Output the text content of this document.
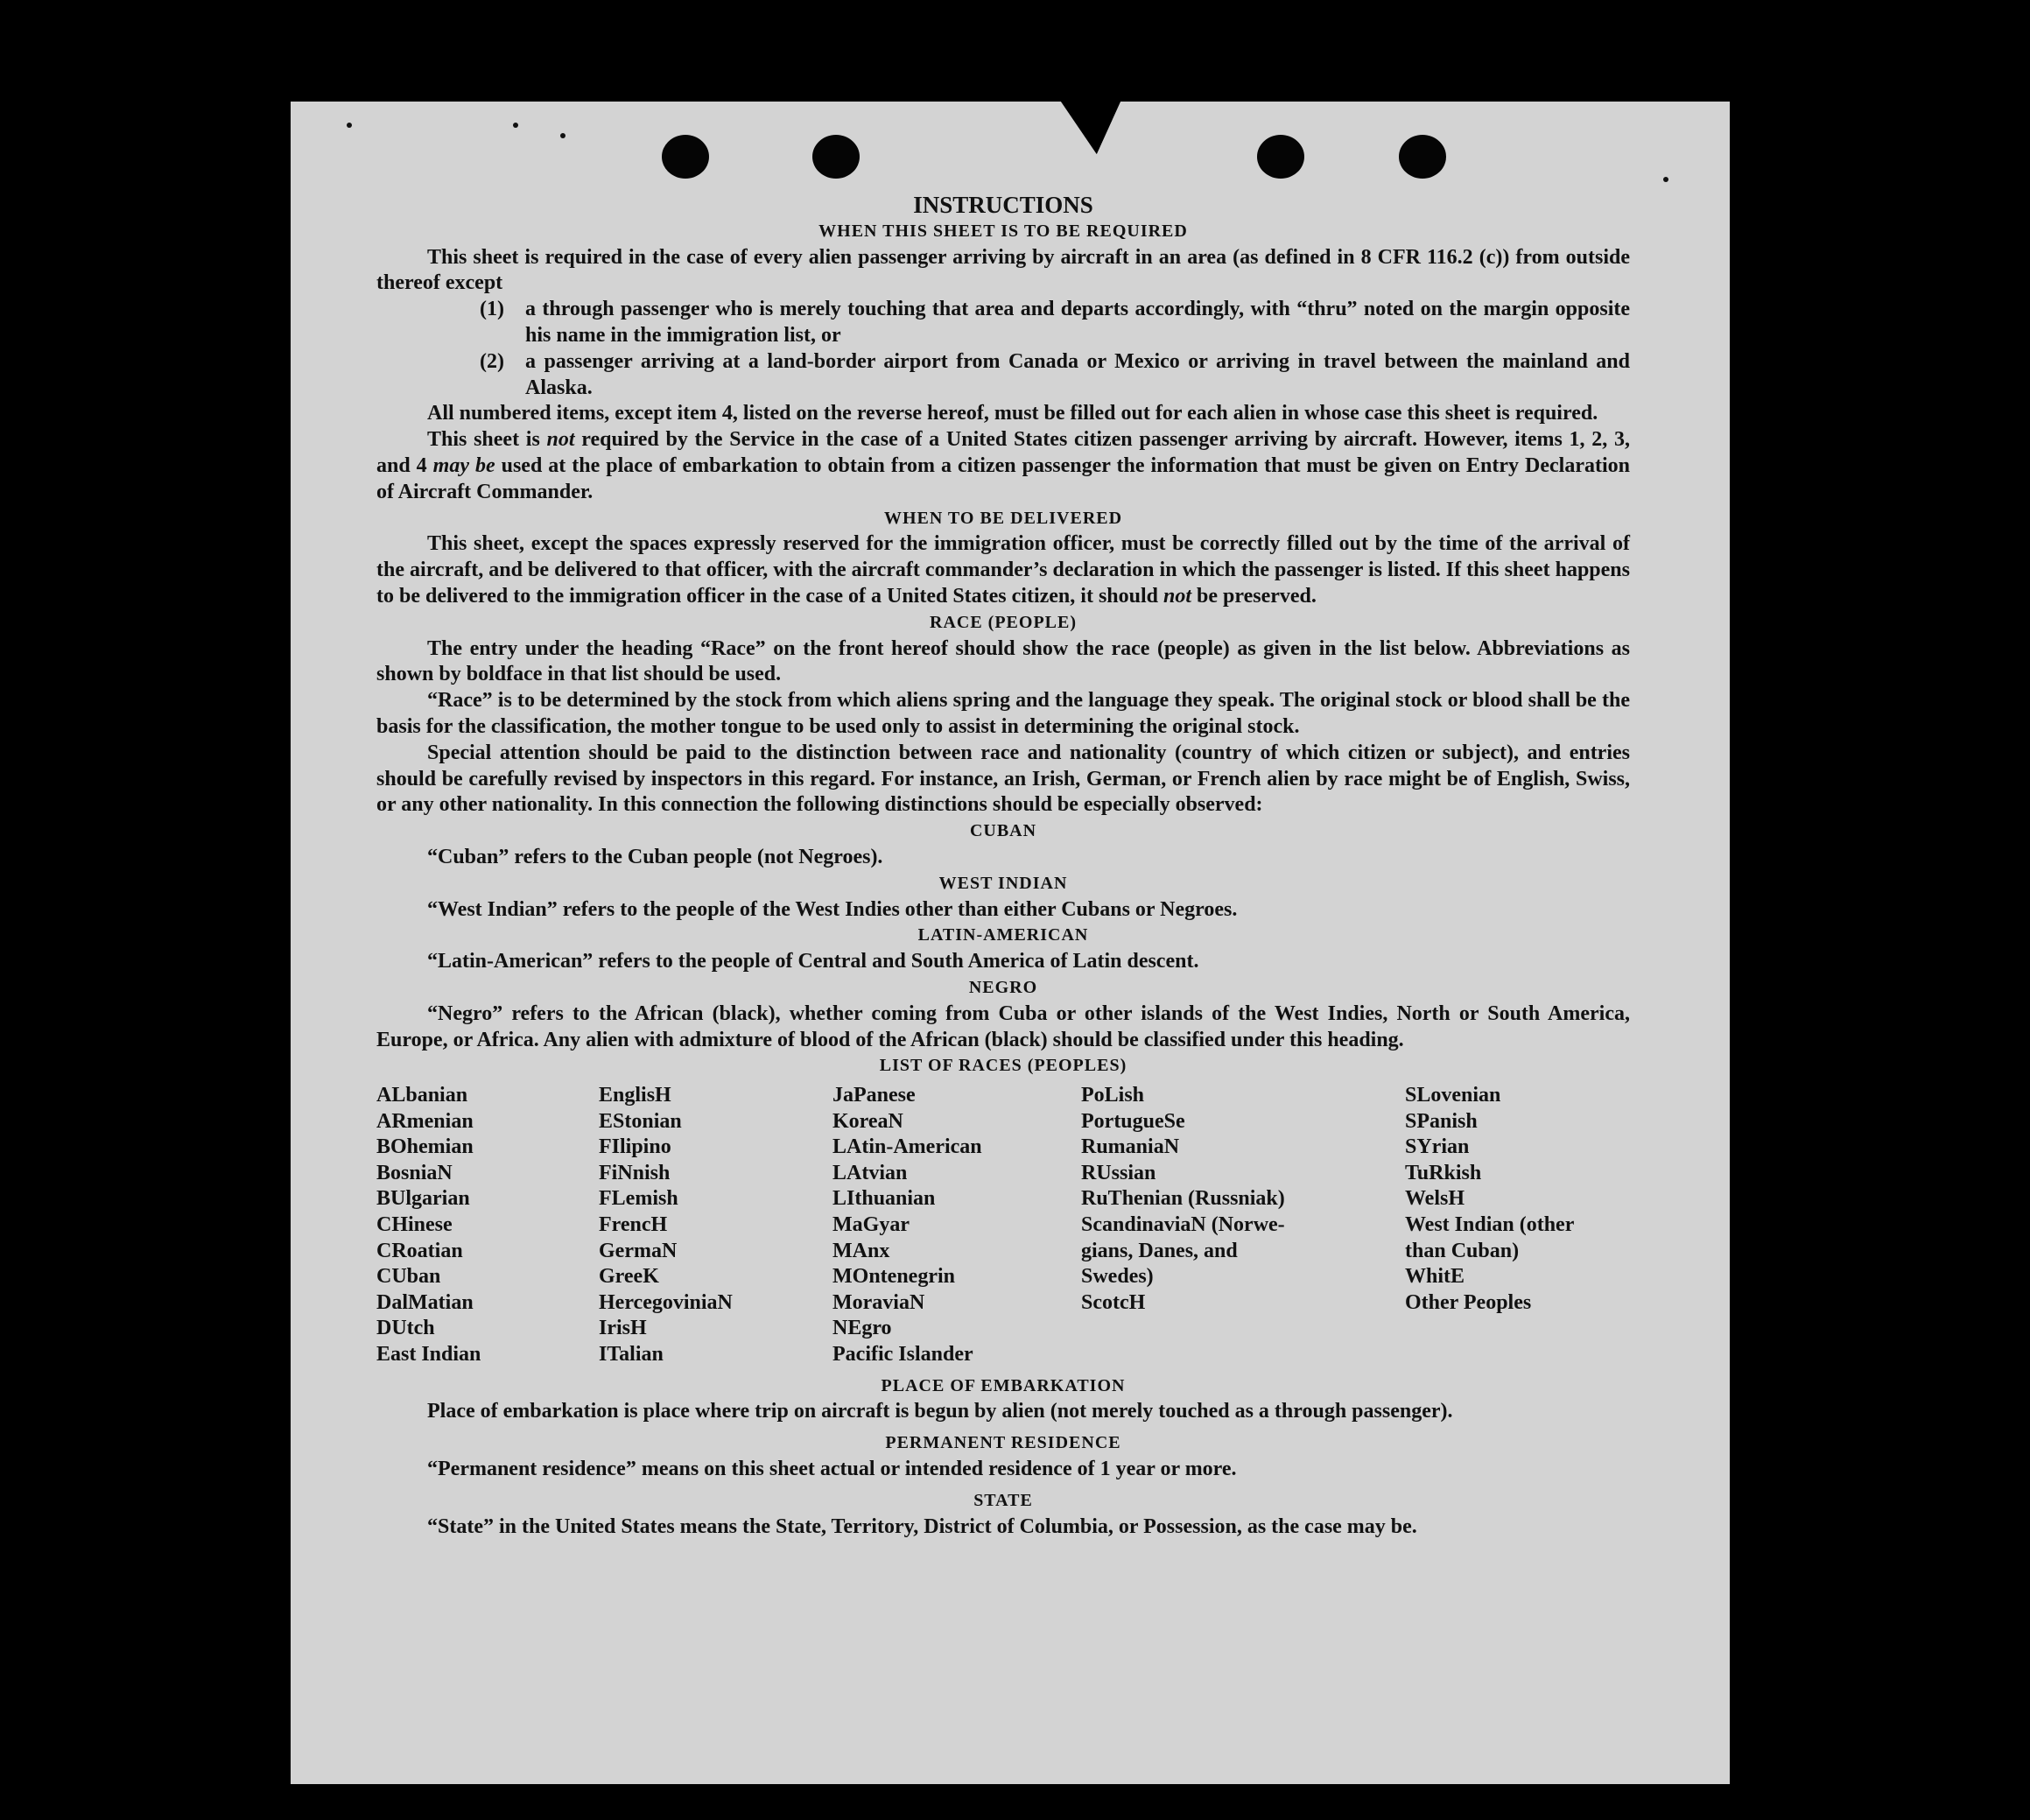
INSTRUCTIONS
WHEN THIS SHEET IS TO BE REQUIRED

This sheet is required in the case of every alien passenger arriving by aircraft in an area (as defined in 8 CFR 116.2 (c)) from outside thereof except

(1)	a through passenger who is merely touching that area and departs accordingly, with “thru” noted on the margin opposite his name in the immigration list, or
(2)	a passenger arriving at a land-border airport from Canada or Mexico or arriving in travel between the mainland and Alaska.

All numbered items, except item 4, listed on the reverse hereof, must be filled out for each alien in whose case this sheet is required.

This sheet is not required by the Service in the case of a United States citizen passenger arriving by aircraft. However, items 1, 2, 3, and 4 may be used at the place of embarkation to obtain from a citizen passenger the information that must be given on Entry Declaration of Aircraft Commander.

WHEN TO BE DELIVERED

This sheet, except the spaces expressly reserved for the immigration officer, must be correctly filled out by the time of the arrival of the aircraft, and be delivered to that officer, with the aircraft commander’s declaration in which the passenger is listed. If this sheet happens to be delivered to the immigration officer in the case of a United States citizen, it should not be preserved.

RACE (PEOPLE)

The entry under the heading “Race” on the front hereof should show the race (people) as given in the list below. Abbreviations as shown by boldface in that list should be used.

“Race” is to be determined by the stock from which aliens spring and the language they speak. The original stock or blood shall be the basis for the classification, the mother tongue to be used only to assist in determining the original stock.

Special attention should be paid to the distinction between race and nationality (country of which citizen or subject), and entries should be carefully revised by inspectors in this regard. For instance, an Irish, German, or French alien by race might be of English, Swiss, or any other nationality. In this connection the following distinctions should be especially observed:

CUBAN

“Cuban” refers to the Cuban people (not Negroes).

WEST INDIAN

“West Indian” refers to the people of the West Indies other than either Cubans or Negroes.

LATIN-AMERICAN

“Latin-American” refers to the people of Central and South America of Latin descent.

NEGRO

“Negro” refers to the African (black), whether coming from Cuba or other islands of the West Indies, North or South America, Europe, or Africa. Any alien with admixture of blood of the African (black) should be classified under this heading.

LIST OF RACES (PEOPLES)
ALbanian
ARmenian
BOhemian
BosniaN
BUlgarian
CHinese
CRoatian
CUban
DalMatian
DUtch
East Indian
EnglisH
EStonian
FIlipino
FiNnish
FLemish
FrencH
GermaN
GreeK
HercegoviniaN
IrisH
ITalian
JaPanese
KoreaN
LAtin-American
LAtvian
LIthuanian
MaGyar
MAnx
MOntenegrin
MoraviaN
NEgro
Pacific Islander
PoLish
PortugueSe
RumaniaN
RUssian
RuThenian (Russniak)
ScandinaviaN (Norwe-
gians, Danes, and
Swedes)
ScotcH
SLovenian
SPanish
SYrian
TuRkish
WelsH
West Indian (other
than Cuban)
WhitE
Other Peoples
PLACE OF EMBARKATION

Place of embarkation is place where trip on aircraft is begun by alien (not merely touched as a through passenger).

PERMANENT RESIDENCE

“Permanent residence” means on this sheet actual or intended residence of 1 year or more.

STATE

“State” in the United States means the State, Territory, District of Columbia, or Possession, as the case may be.
